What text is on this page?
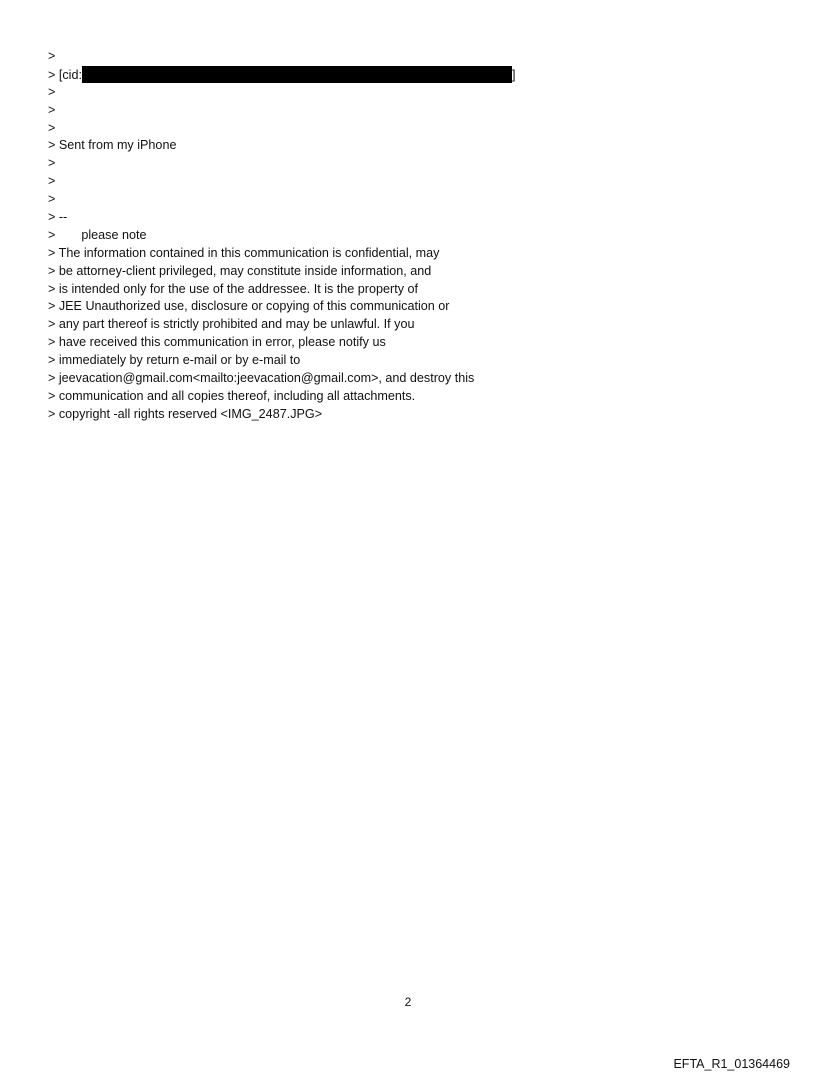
>
> [cid:	]
>
>
>
> Sent from my iPhone
>
>
>
> --
> please note
> The information contained in this communication is confidential, may
> be attorney-client privileged, may constitute inside information, and
> is intended only for the use of the addressee. It is the property of
> JEE Unauthorized use, disclosure or copying of this communication or
> any part thereof is strictly prohibited and may be unlawful. If you
> have received this communication in error, please notify us
> immediately by return e-mail or by e-mail to
> jeevacation@gmail.com<mailto:jeevacation@gmail.com>, and destroy this
> communication and all copies thereof, including all attachments.
> copyright -all rights reserved <IMG_2487.JPG>
2
EFTA_R1_01364469
